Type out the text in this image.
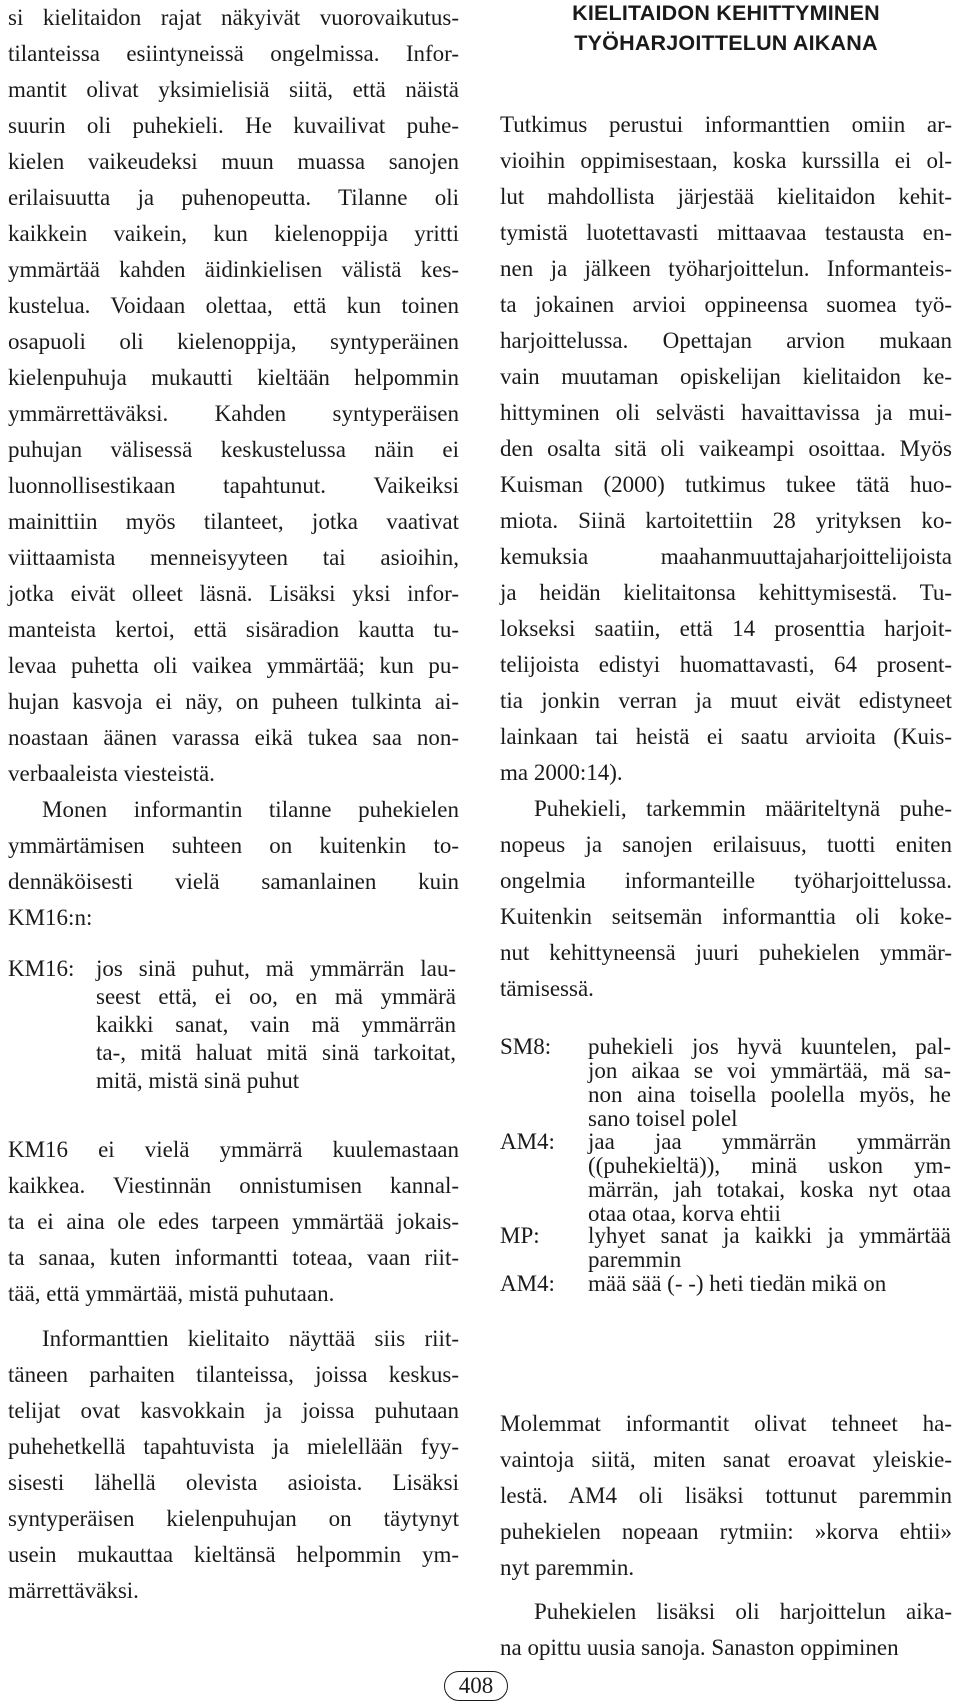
si kielitaidon rajat näkyivät vuorovaikutus-
tilanteissa esiintyneissä ongelmissa. Infor-
mantit olivat yksimielisiä siitä, että näistä
suurin oli puhekieli. He kuvailivat puhe-
kielen vaikeudeksi muun muassa sanojen
erilaisuutta ja puhenopeutta. Tilanne oli
kaikkein vaikein, kun kielenoppija yritti
ymmärtää kahden äidinkielisen välistä kes-
kustelua. Voidaan olettaa, että kun toinen
osapuoli oli kielenoppija, syntyperäinen
kielenpuhuja mukautti kieltään helpommin
ymmärrettäväksi. Kahden syntyperäisen
puhujan välisessä keskustelussa näin ei
luonnollisestikaan tapahtunut. Vaikeiksi
mainittiin myös tilanteet, jotka vaativat
viittaamista menneisyyteen tai asioihin,
jotka eivät olleet läsnä. Lisäksi yksi infor-
manteista kertoi, että sisäradion kautta tu-
levaa puhetta oli vaikea ymmärtää; kun pu-
hujan kasvoja ei näy, on puheen tulkinta ai-
noastaan äänen varassa eikä tukea saa non-
verbaaleista viesteistä.
Monen informantin tilanne puhekielen
ymmärtämisen suhteen on kuitenkin to-
dennäköisesti vielä samanlainen kuin
KM16:n:
KM16: jos sinä puhut, mä ymmärrän lau-
seest että, ei oo, en mä ymmärä
kaikki sanat, vain mä ymmärrän
ta-, mitä haluat mitä sinä tarkoitat,
mitä, mistä sinä puhut
KM16 ei vielä ymmärrä kuulemastaan
kaikkea. Viestinnän onnistumisen kannal-
ta ei aina ole edes tarpeen ymmärtää jokais-
ta sanaa, kuten informantti toteaa, vaan riit-
tää, että ymmärtää, mistä puhutaan.
Informanttien kielitaito näyttää siis riit-
täneen parhaiten tilanteissa, joissa keskus-
telijat ovat kasvokkain ja joissa puhutaan
puhehetkellä tapahtuvista ja mielellään fyy-
sisesti lähellä olevista asioista. Lisäksi
syntyperäisen kielenpuhujan on täytynyt
usein mukauttaa kieltänsä helpommin ym-
märrettäväksi.
KIELITAIDON KEHITTYMINEN
TYÖHARJOITTELUN AIKANA
Tutkimus perustui informanttien omiin ar-
vioihin oppimisestaan, koska kurssilla ei ol-
lut mahdollista järjestää kielitaidon kehit-
tymistä luotettavasti mittaavaa testausta en-
nen ja jälkeen työharjoittelun. Informanteis-
ta jokainen arvioi oppineensa suomea työ-
harjoittelussa. Opettajan arvion mukaan
vain muutaman opiskelijan kielitaidon ke-
hittyminen oli selvästi havaittavissa ja mui-
den osalta sitä oli vaikeampi osoittaa. Myös
Kuisman (2000) tutkimus tukee tätä huo-
miota. Siinä kartoitettiin 28 yrityksen ko-
kemuksia maahanmuuttajaharjoittelijoista
ja heidän kielitaitonsa kehittymisestä. Tu-
lokseksi saatiin, että 14 prosenttia harjoit-
telijoista edistyi huomattavasti, 64 prosent-
tia jonkin verran ja muut eivät edistyneet
lainkaan tai heistä ei saatu arvioita (Kuis-
ma 2000:14).
Puhekieli, tarkemmin määriteltynä puhe-
nopeus ja sanojen erilaisuus, tuotti eniten
ongelmia informanteille työharjoittelussa.
Kuitenkin seitsemän informanttia oli koke-
nut kehittyneensä juuri puhekielen ymmär-
tämisessä.
SM8: puhekieli jos hyvä kuuntelen, pal-
jon aikaa se voi ymmärtää, mä sa-
non aina toisella poolella myös, he
sano toisel polel
AM4: jaa jaa ymmärrän ymmärrän
((puhekieltä)), minä uskon ym-
märrän, jah totakai, koska nyt otaa
otaa otaa, korva ehtii
MP: lyhyet sanat ja kaikki ja ymmärtää
paremmin
AM4: mää sää (- -) heti tiedän mikä on
Molemmat informantit olivat tehneet ha-
vaintoja siitä, miten sanat eroavat yleiskie-
lestä. AM4 oli lisäksi tottunut paremmin
puhekielen nopeaan rytmiin: »korva ehtii»
nyt paremmin.
Puhekielen lisäksi oli harjoittelun aika-
na opittu uusia sanoja. Sanaston oppiminen
408
